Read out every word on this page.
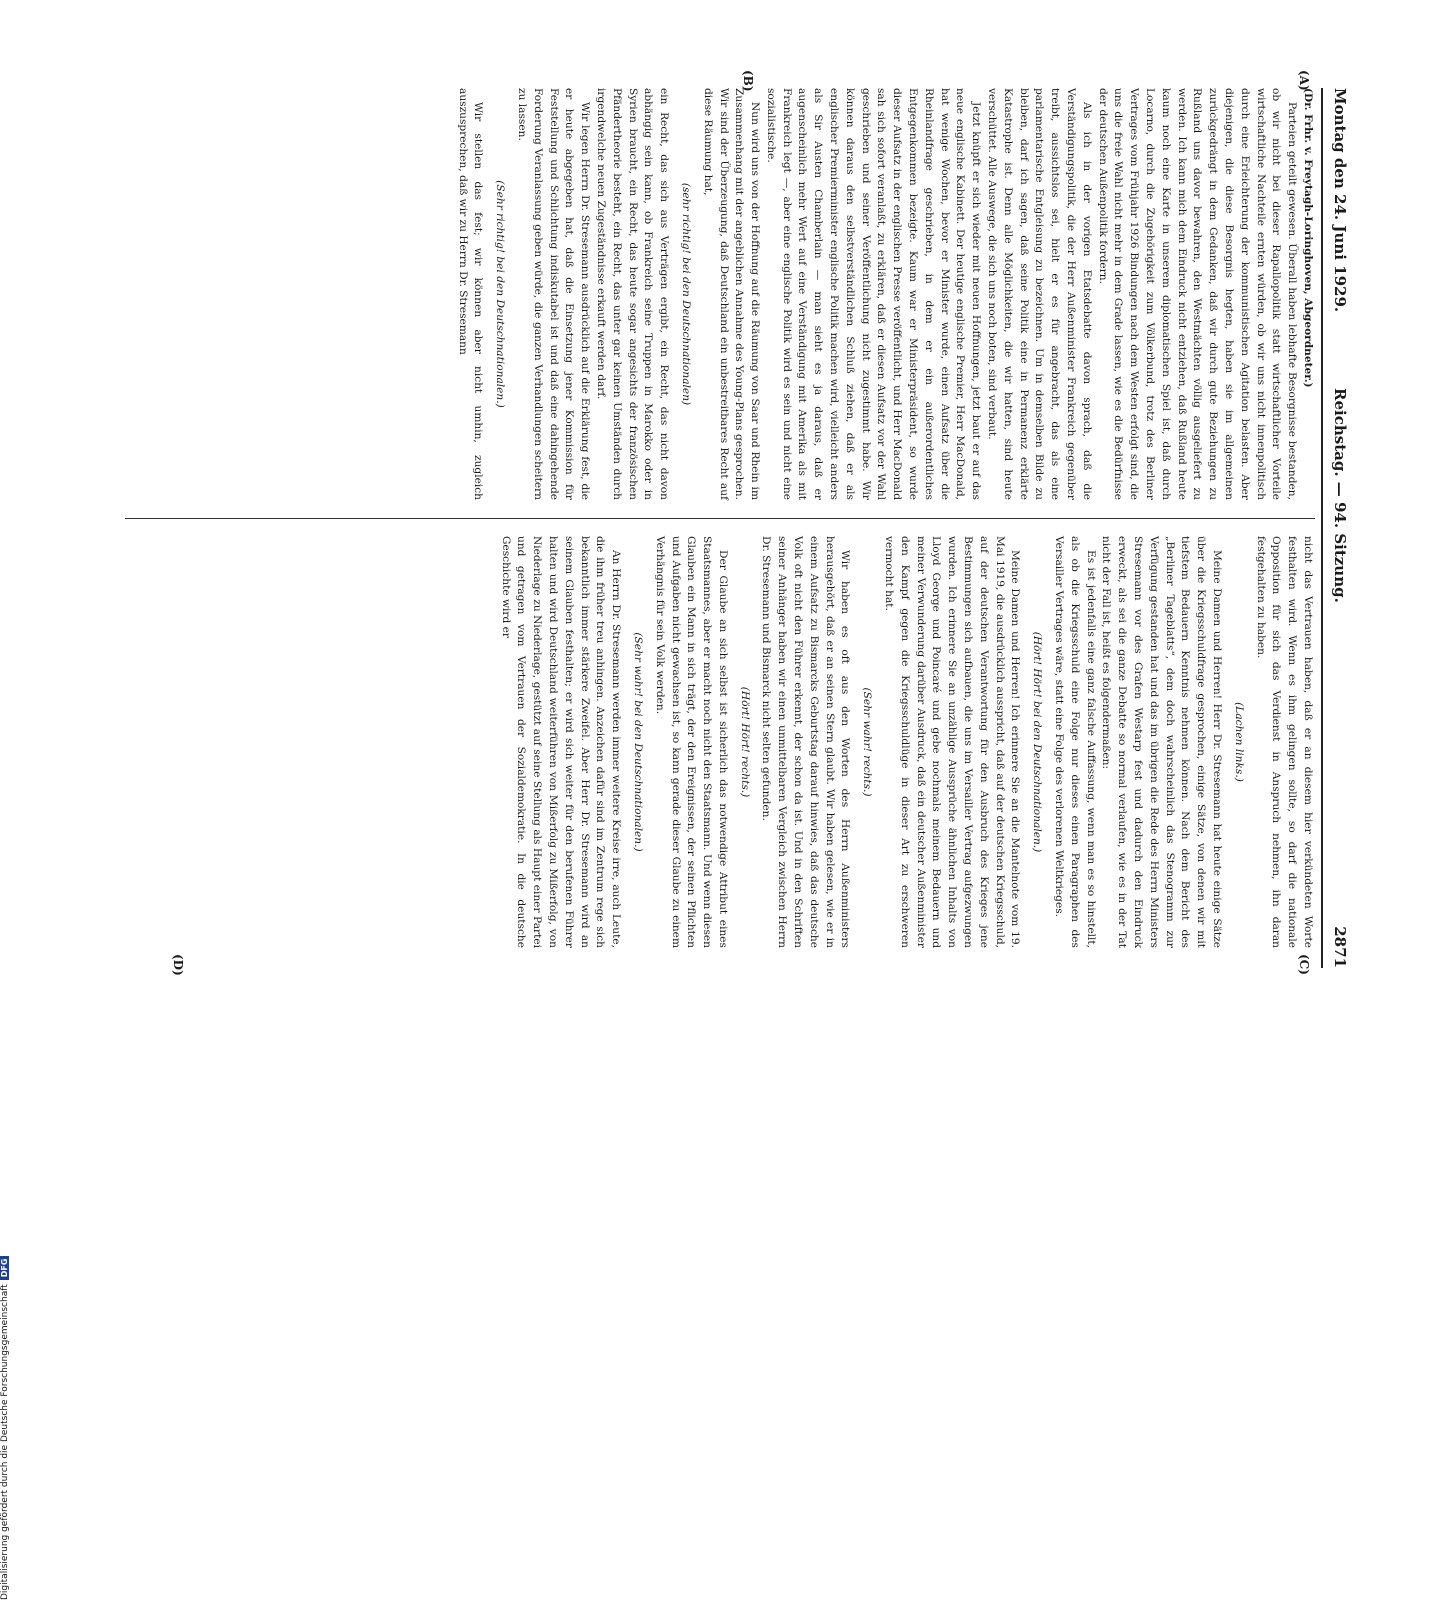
Montag den 24. Juni 1929.
Reichstag. — 94. Sitzung.
2871
(A)
(B)
(C)
(D)

(Dr. Frhr. v. Freytagh-Loringhoven, Abgeordneter.)

Parteien geteilt gewesen. Überall haben lebhafte Besorgnisse bestanden, ob wir nicht bei dieser Rapallopolitik statt wirtschaftlicher Vorteile wirtschaftliche Nachteile ernten würden, ob wir uns nicht innenpolitisch durch eine Erleichterung der kommunistischen Agitation belasten. Aber diejenigen, die diese Besorgnis hegten, haben sie im allgemeinen zurückgedrängt in dem Gedanken, daß wir durch gute Beziehungen zu Rußland uns davor bewahren, den Westmächten völlig ausgeliefert zu werden. Ich kann mich dem Eindruck nicht entziehen, daß Rußland heute kaum noch eine Karte in unserem diplomatischen Spiel ist, daß durch Locarno, durch die Zugehörigkeit zum Völkerbund, trotz des Berliner Vertrages vom Frühjahr 1926 Bindungen nach dem Westen erfolgt sind, die uns die freie Wahl nicht mehr in dem Grade lassen, wie es die Bedürfnisse der deutschen Außenpolitik fordern.

Als ich in der vorigen Etatsdebatte davon sprach, daß die Verständigungspolitik, die der Herr Außenminister Frankreich gegenüber treibt, aussichtslos sei, hielt er es für angebracht, das als eine parlamentarische Entgleisung zu bezeichnen. Um in demselben Bilde zu bleiben, darf ich sagen, daß seine Politik eine in Permanenz erklärte Katastrophe ist. Denn alle Möglichkeiten, die wir hatten, sind heute verschüttet. Alle Auswege, die sich uns noch boten, sind verbaut.

Jetzt knüpft er sich wieder mit neuen Hoffnungen, jetzt baut er auf das neue englische Kabinett. Der heutige englische Premier, Herr MacDonald, hat wenige Wochen, bevor er Minister wurde, einen Aufsatz über die Rheinlandfrage geschrieben, in dem er ein außerordentliches Entgegenkommen bezeigte. Kaum war er Ministerpräsident, so wurde dieser Aufsatz in der englischen Presse veröffentlicht, und Herr MacDonald sah sich sofort veranlaßt, zu erklären, daß er diesen Aufsatz vor der Wahl geschrieben und seiner Veröffentlichung nicht zugestimmt habe. Wir können daraus den selbstverständlichen Schluß ziehen, daß er als englischer Premierminister englische Politik machen wird, vielleicht anders als Sir Austen Chamberlain — man sieht es ja daraus, daß er augenscheinlich mehr Wert auf eine Verständigung mit Amerika als mit Frankreich legt —, aber eine englische Politik wird es sein und nicht eine sozialistische.

Nun wird uns von der Hoffnung auf die Räumung von Saar und Rhein im Zusammenhang mit der angeblichen Annahme des Young-Plans gesprochen. Wir sind der Überzeugung, daß Deutschland ein unbestreitbares Recht auf diese Räumung hat,

(sehr richtig! bei den Deutschnationalen)

ein Recht, das sich aus Verträgen ergibt, ein Recht, das nicht davon abhängig sein kann, ob Frankreich seine Truppen in Marokko oder in Syrien braucht, ein Recht, das heute sogar angesichts der französischen Pfändertheorie besteht, ein Recht, das unter gar keinen Umständen durch irgendwelche neuen Zugeständnisse erkauft werden darf.

Wir legen Herrn Dr. Stresemann ausdrücklich auf die Erklärung fest, die er heute abgegeben hat, daß die Einsetzung jener Kommission für Feststellung und Schlichtung indiskutabel ist und daß eine dahingehende Forderung Veranlassung geben würde, die ganzen Verhandlungen scheitern zu lassen.

(Sehr richtig! bei den Deutschnationalen.)

Wir stellen das fest; wir können aber nicht umhin, zugleich auszusprechen, daß wir zu Herrn Dr. Stresemann

nicht das Vertrauen haben, daß er an diesem hier verkündeten Worte festhalten wird. Wenn es ihm gelingen sollte, so darf die nationale Opposition für sich das Verdienst in Anspruch nehmen, ihn daran festgehalten zu haben.

(Lachen links.)

Meine Damen und Herren! Herr Dr. Stresemann hat heute einige Sätze über die Kriegsschuldfrage gesprochen, einige Sätze, von denen wir mit tiefstem Bedauern Kenntnis nehmen können. Nach dem Bericht des „Berliner Tageblatts“, dem doch wahrscheinlich das Stenogramm zur Verfügung gestanden hat und das im übrigen die Rede des Herrn Ministers Stresemann vor des Grafen Westarp fest und dadurch den Eindruck erweckt, als sei die ganze Debatte so normal verlaufen, wie es in der Tat nicht der Fall ist, heißt es folgendermaßen:

Es ist jedenfalls eine ganz falsche Auffassung, wenn man es so hinstellt, als ob die Kriegsschuld eine Folge nur dieses einen Paragraphen des Versailler Vertrages wäre, statt eine Folge des verlorenen Weltkrieges.

(Hört! Hört! bei den Deutschnationalen.)

Meine Damen und Herren! Ich erinnere Sie an die Mantelnote vom 19. Mai 1919, die ausdrücklich ausspricht, daß auf der deutschen Kriegsschuld, auf der deutschen Verantwortung für den Ausbruch des Krieges jene Bestimmungen sich aufbauen, die uns im Versailler Vertrag aufgezwungen wurden. Ich erinnere Sie an unzählige Aussprüche ähnlichen Inhalts von Lloyd George und Poincaré und gebe nochmals meinem Bedauern und meiner Verwunderung darüber Ausdruck, daß ein deutscher Außenminister den Kampf gegen die Kriegsschuldlüge in dieser Art zu erschweren vermocht hat.

(Sehr wahr! rechts.)

Wir haben es oft aus den Worten des Herrn Außenministers herausgehört, daß er an seinen Stern glaubt. Wir haben gelesen, wie er in einem Aufsatz zu Bismarcks Geburtstag darauf hinwies, daß das deutsche Volk oft nicht den Führer erkennt, der schon da ist. Und in den Schriften seiner Anhänger haben wir einen unmittelbaren Vergleich zwischen Herrn Dr. Stresemann und Bismarck nicht selten gefunden.

(Hört! Hört! rechts.)

Der Glaube an sich selbst ist sicherlich das notwendige Attribut eines Staatsmannes, aber er macht noch nicht den Staatsmann. Und wenn diesen Glauben ein Mann in sich trägt, der den Ereignissen, der seinen Pflichten und Aufgaben nicht gewachsen ist, so kann gerade dieser Glaube zu einem Verhängnis für sein Volk werden.

(Sehr wahr! bei den Deutschnationalen.)

An Herrn Dr. Stresemann werden immer weitere Kreise irre, auch Leute, die ihm früher treu anhingen. Anzeichen dafür sind im Zentrum rege sich bekanntlich immer stärkere Zweifel. Aber Herr Dr. Stresemann wird an seinem Glauben festhalten; er wird sich weiter für den berufenen Führer halten und wird Deutschland weiterführen von Mißerfolg zu Mißerfolg, von Niederlage zu Niederlage, gestützt auf seine Stellung als Haupt einer Partei und getragen vom Vertrauen der Sozialdemokratie. In die deutsche Geschichte wird er

Digitalisierung gefördert durch die Deutsche ForschungsgemeinschaftDFG
